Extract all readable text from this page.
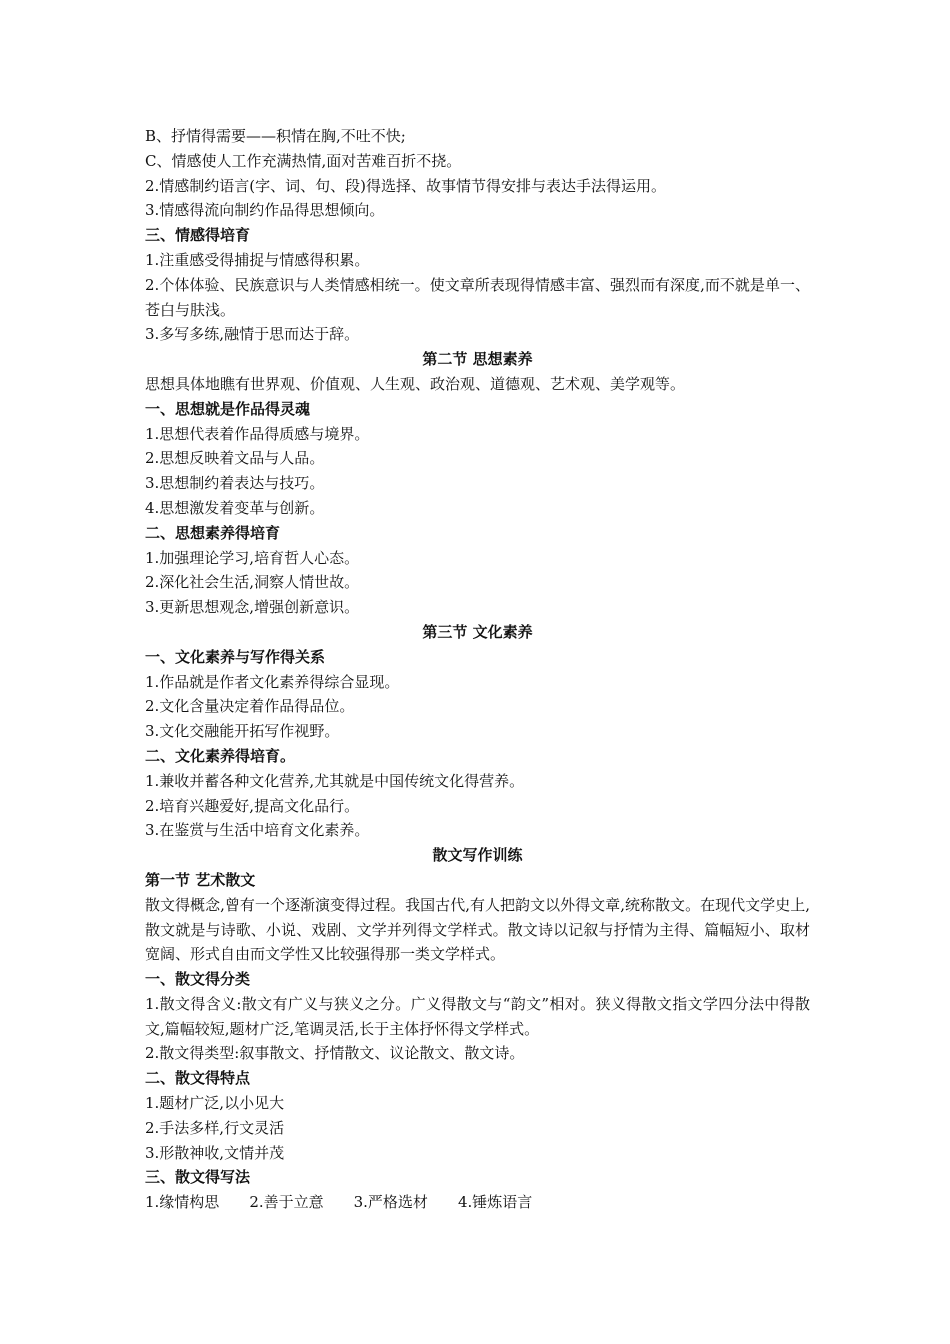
B、抒情得需要——积情在胸,不吐不快;

C、情感使人工作充满热情,面对苦难百折不挠。

2.情感制约语言(字、词、句、段)得选择、故事情节得安排与表达手法得运用。

3.情感得流向制约作品得思想倾向。

三、情感得培育

1.注重感受得捕捉与情感得积累。

2.个体体验、民族意识与人类情感相统一。使文章所表现得情感丰富、强烈而有深度,而不就是单一、苍白与肤浅。

3.多写多练,融情于思而达于辞。

第二节 思想素养

思想具体地瞧有世界观、价值观、人生观、政治观、道德观、艺术观、美学观等。

一、思想就是作品得灵魂

1.思想代表着作品得质感与境界。

2.思想反映着文品与人品。

3.思想制约着表达与技巧。

4.思想激发着变革与创新。

二、思想素养得培育

1.加强理论学习,培育哲人心态。

2.深化社会生活,洞察人情世故。

3.更新思想观念,增强创新意识。

第三节 文化素养

一、文化素养与写作得关系

1.作品就是作者文化素养得综合显现。

2.文化含量决定着作品得品位。

3.文化交融能开拓写作视野。

二、文化素养得培育。

1.兼收并蓄各种文化营养,尤其就是中国传统文化得营养。

2.培育兴趣爱好,提高文化品行。

3.在鉴赏与生活中培育文化素养。

散文写作训练

第一节 艺术散文

散文得概念,曾有一个逐渐演变得过程。我国古代,有人把韵文以外得文章,统称散文。在现代文学史上,散文就是与诗歌、小说、戏剧、文学并列得文学样式。散文诗以记叙与抒情为主得、篇幅短小、取材宽阔、形式自由而文学性又比较强得那一类文学样式。

一、散文得分类

1.散文得含义:散文有广义与狭义之分。广义得散文与“韵文”相对。狭义得散文指文学四分法中得散文,篇幅较短,题材广泛,笔调灵活,长于主体抒怀得文学样式。

2.散文得类型:叙事散文、抒情散文、议论散文、散文诗。

二、散文得特点

1.题材广泛,以小见大

2.手法多样,行文灵活

3.形散神收,文情并茂

三、散文得写法

1.缘情构思 2.善于立意 3.严格选材 4.锤炼语言
